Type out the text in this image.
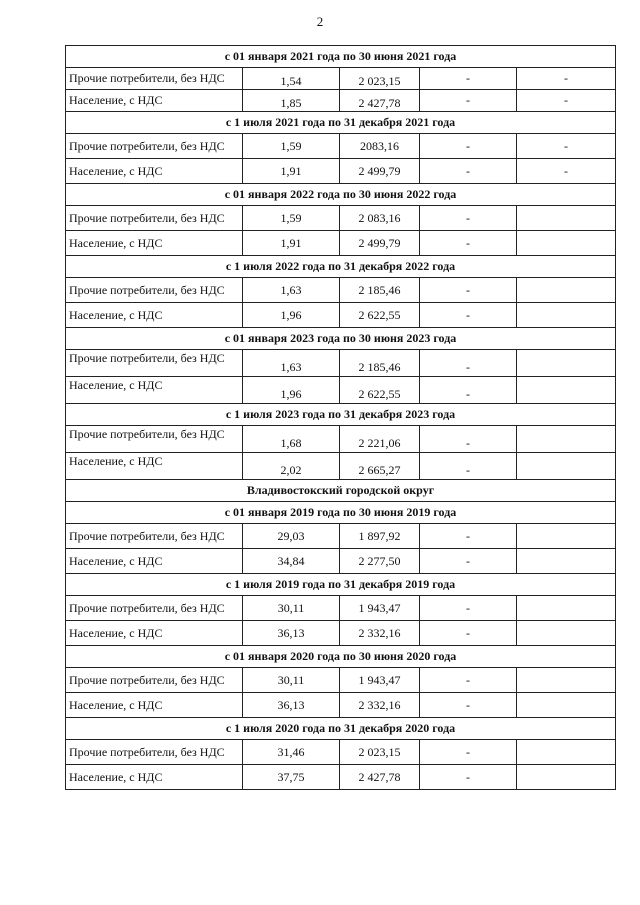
2
с 01 января 2021 года по 30 июня 2021 года				
Прочие потребители, без НДС	1,54	2 023,15	-	-
Население, с НДС	1,85	2 427,78	-	-
с 1 июля 2021 года по 31 декабря 2021 года				
Прочие потребители, без НДС	1,59	2083,16	-	-
Население, с НДС	1,91	2 499,79	-	-
с 01 января 2022 года по 30 июня 2022 года				
Прочие потребители, без НДС	1,59	2 083,16	-	
Население, с НДС	1,91	2 499,79	-	
с 1 июля 2022 года по 31 декабря 2022 года				
Прочие потребители, без НДС	1,63	2 185,46	-	
Население, с НДС	1,96	2 622,55	-	
с 01 января 2023 года по 30 июня 2023 года				
Прочие потребители, без НДС	1,63	2 185,46	-	
Население, с НДС	1,96	2 622,55	-	
с 1 июля 2023 года по 31 декабря 2023 года				
Прочие потребители, без НДС	1,68	2 221,06	-	
Население, с НДС	2,02	2 665,27	-	
Владивостокский городской округ				
с 01 января 2019 года по 30 июня 2019 года				
Прочие потребители, без НДС	29,03	1 897,92	-	
Население, с НДС	34,84	2 277,50	-	
с 1 июля 2019 года по 31 декабря 2019 года				
Прочие потребители, без НДС	30,11	1 943,47	-	
Население, с НДС	36,13	2 332,16	-	
с 01 января 2020 года по 30 июня 2020 года				
Прочие потребители, без НДС	30,11	1 943,47	-	
Население, с НДС	36,13	2 332,16	-	
с 1 июля 2020 года по 31 декабря 2020 года				
Прочие потребители, без НДС	31,46	2 023,15	-	
Население, с НДС	37,75	2 427,78	-	
